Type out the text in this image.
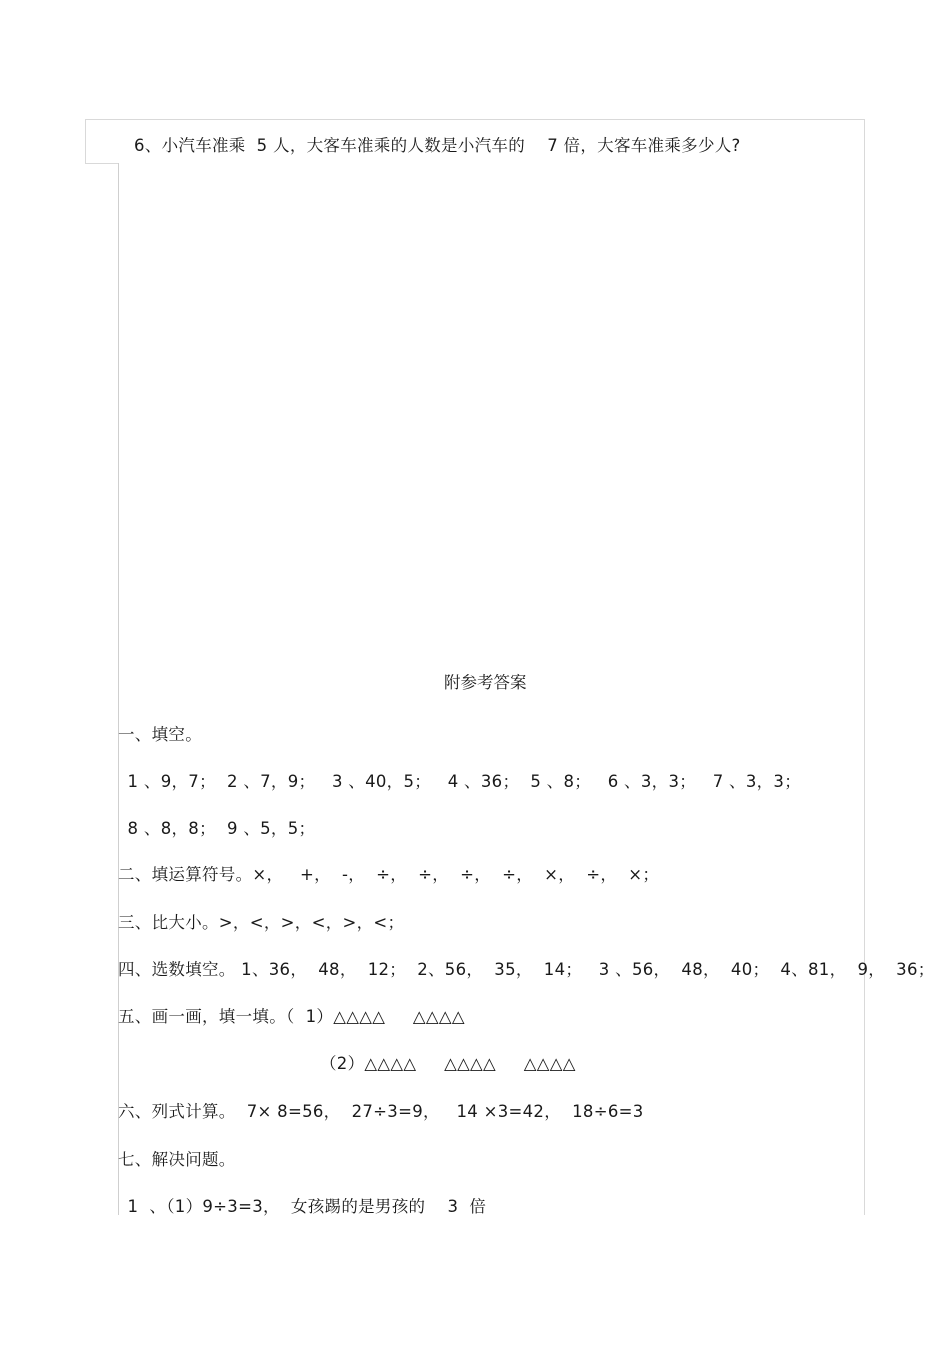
6、小汽车准乘  5 人，大客车准乘的人数是小汽车的    7 倍，大客车准乘多少人?
附参考答案
一、填空。
1 、9，7；  2 、7，9；   3 、40，5；   4 、36；  5 、8；   6 、3，3；   7 、3，3；
8 、8，8；  9 、5，5；
二、填运算符号。×，   +，  -，  ÷，  ÷，  ÷，  ÷，  ×，  ÷，  ×；
三、比大小。>，<，>，<，>，<；
四、选数填空。 1、36，  48，  12；  2、56，  35，  14；   3 、56，  48，  40；  4、81，  9，  36；
五、画一画，填一填。（  1）△△△△     △△△△
（2）△△△△     △△△△     △△△△
六、列式计算。  7× 8=56，  27÷3=9，   14 ×3=42，  18÷6=3
七、解决问题。
1  、（1）9÷3=3，  女孩踢的是男孩的    3  倍
